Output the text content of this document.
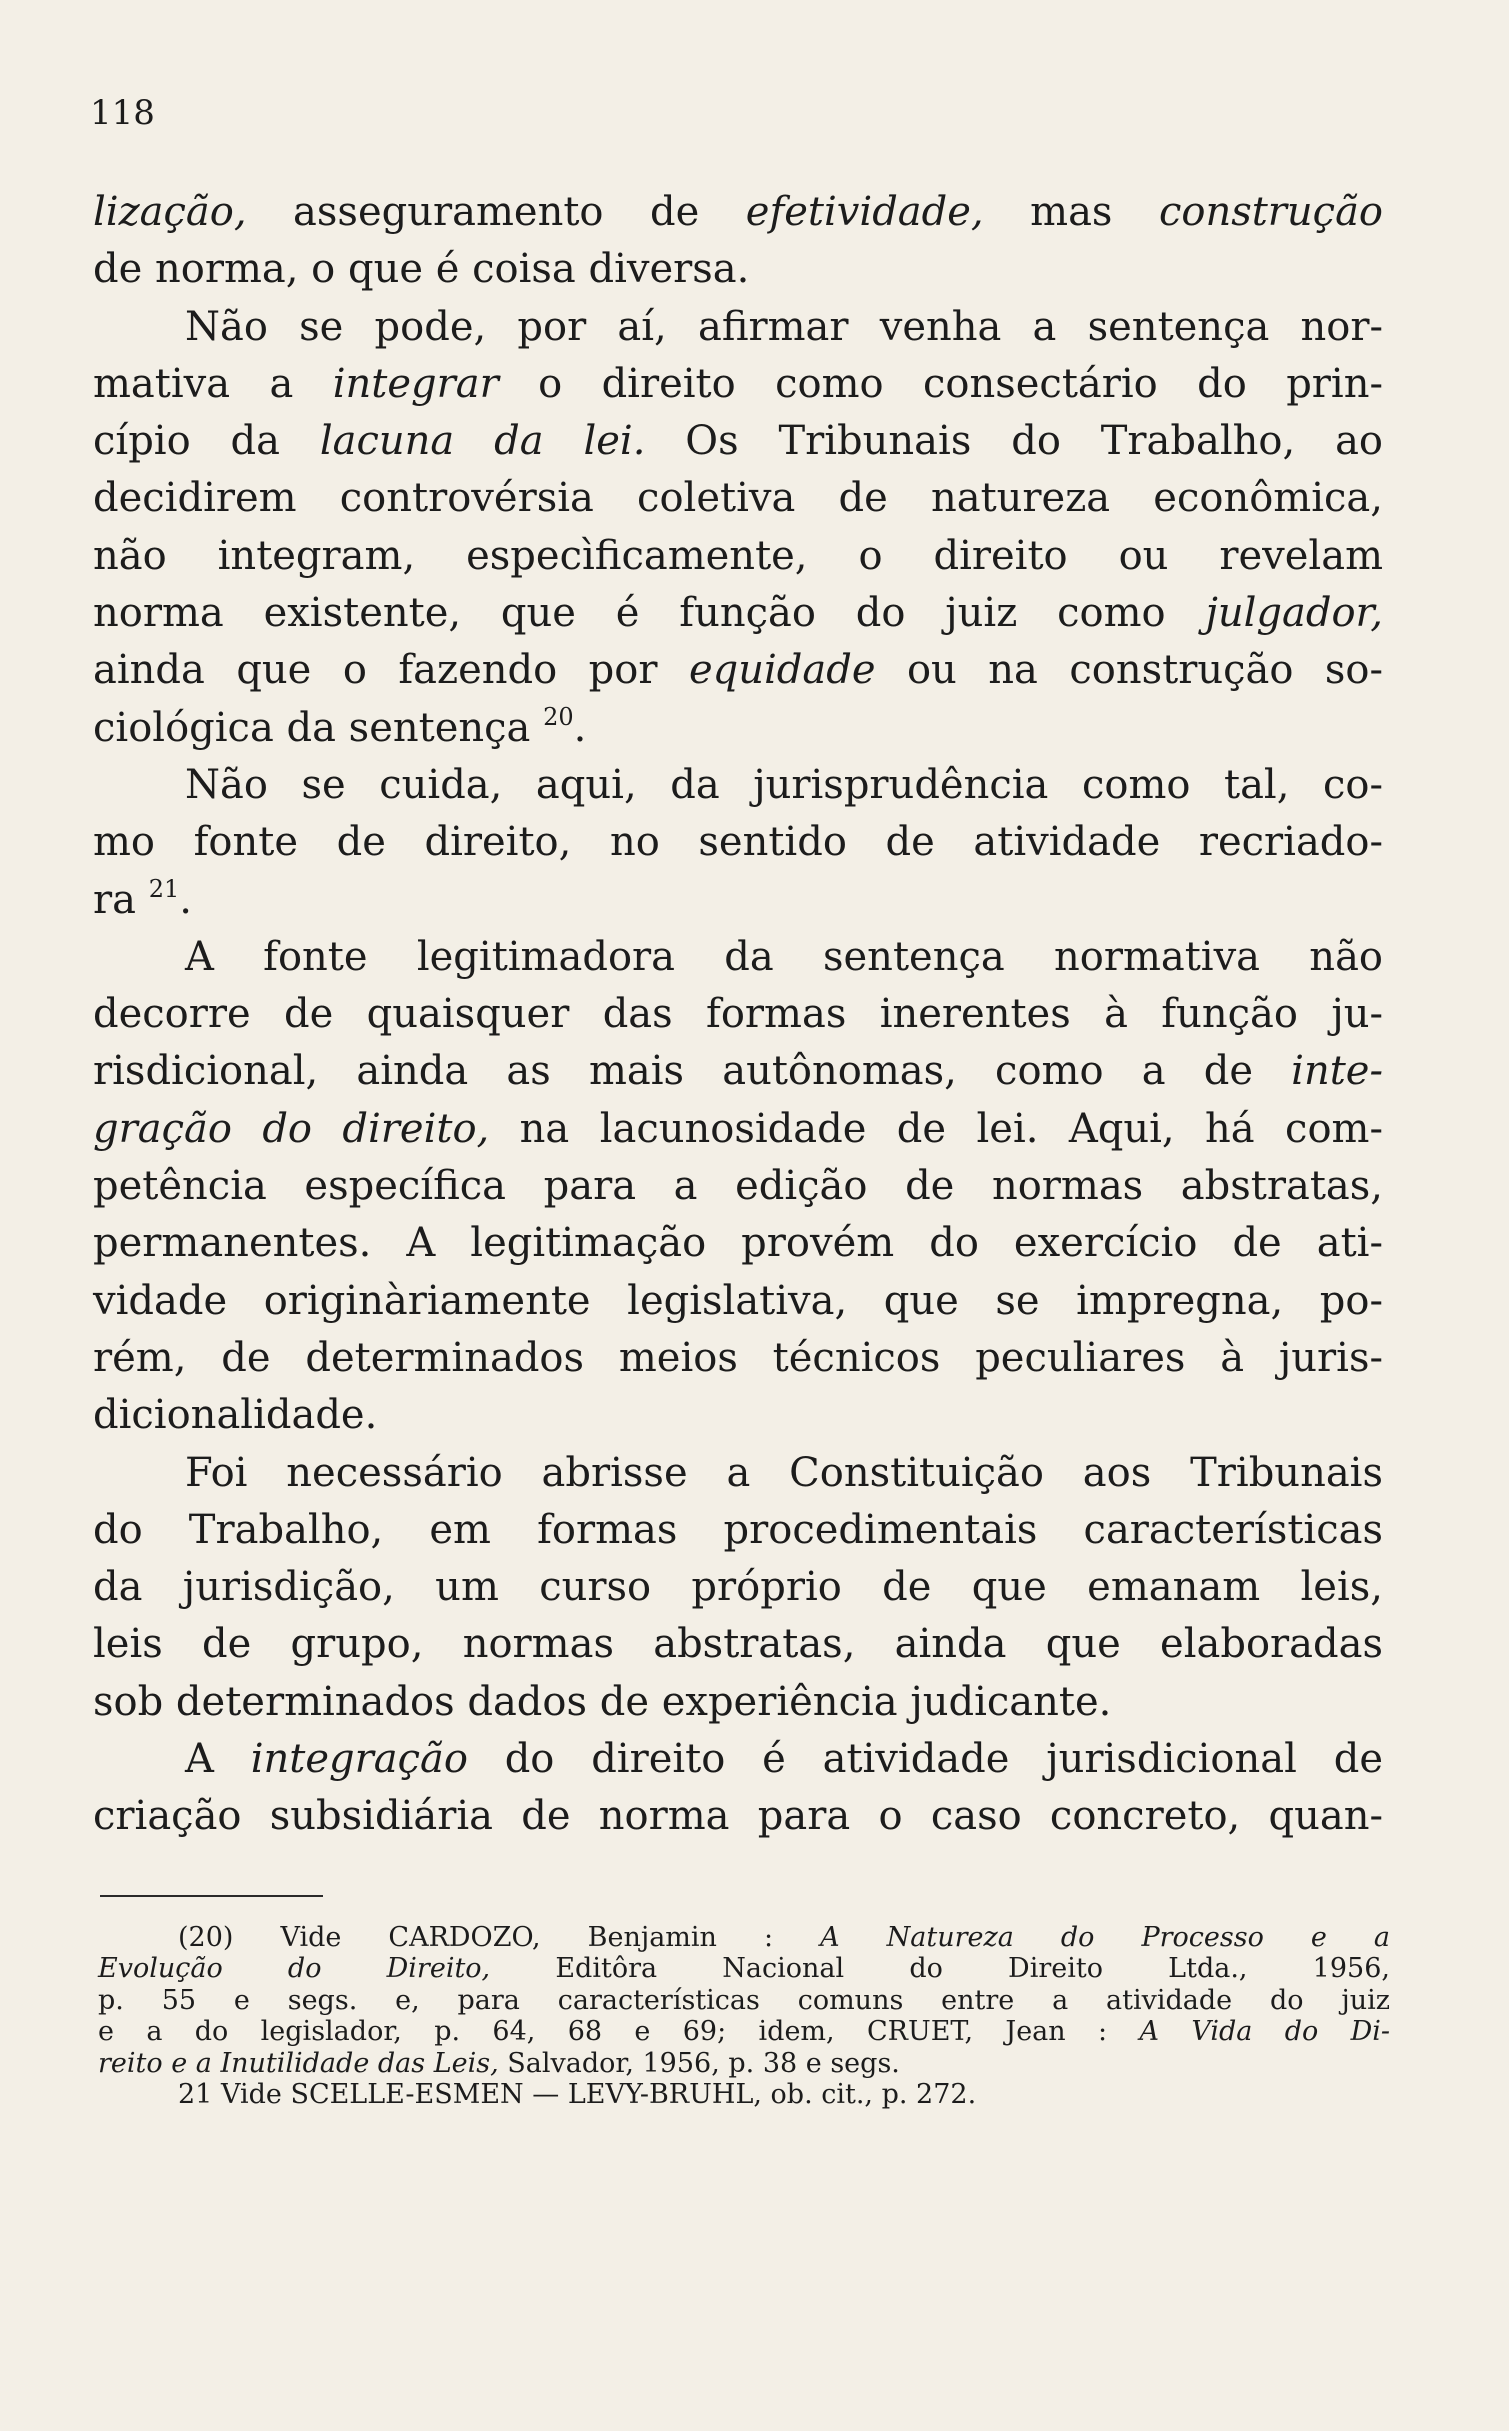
118
lização, asseguramento de efetividade, mas construção
de norma, o que é coisa diversa.
Não se pode, por aí, afirmar venha a sentença nor-
mativa a integrar o direito como consectário do prin-
cípio da lacuna da lei. Os Tribunais do Trabalho, ao
decidirem controvérsia coletiva de natureza econômica,
não integram, especìficamente, o direito ou revelam
norma existente, que é função do juiz como julgador,
ainda que o fazendo por equidade ou na construção so-
ciológica da sentença $^{20}$.
Não se cuida, aqui, da jurisprudência como tal, co-
mo fonte de direito, no sentido de atividade recriado-
ra $^{21}$.
A fonte legitimadora da sentença normativa não
decorre de quaisquer das formas inerentes à função ju-
risdicional, ainda as mais autônomas, como a de inte-
gração do direito, na lacunosidade de lei. Aqui, há com-
petência específica para a edição de normas abstratas,
permanentes. A legitimação provém do exercício de ati-
vidade originàriamente legislativa, que se impregna, po-
rém, de determinados meios técnicos peculiares à juris-
dicionalidade.
Foi necessário abrisse a Constituição aos Tribunais
do Trabalho, em formas procedimentais características
da jurisdição, um curso próprio de que emanam leis,
leis de grupo, normas abstratas, ainda que elaboradas
sob determinados dados de experiência judicante.
A integração do direito é atividade jurisdicional de
criação subsidiária de norma para o caso concreto, quan-
(20) Vide CARDOZO, Benjamin : A Natureza do Processo e a
Evolução do Direito, Editôra Nacional do Direito Ltda., 1956,
p. 55 e segs. e, para características comuns entre a atividade do juiz
e a do legislador, p. 64, 68 e 69; idem, CRUET, Jean : A Vida do Di-
reito e a Inutilidade das Leis, Salvador, 1956, p. 38 e segs.
21 Vide SCELLE-ESMEN — LEVY-BRUHL, ob. cit., p. 272.
